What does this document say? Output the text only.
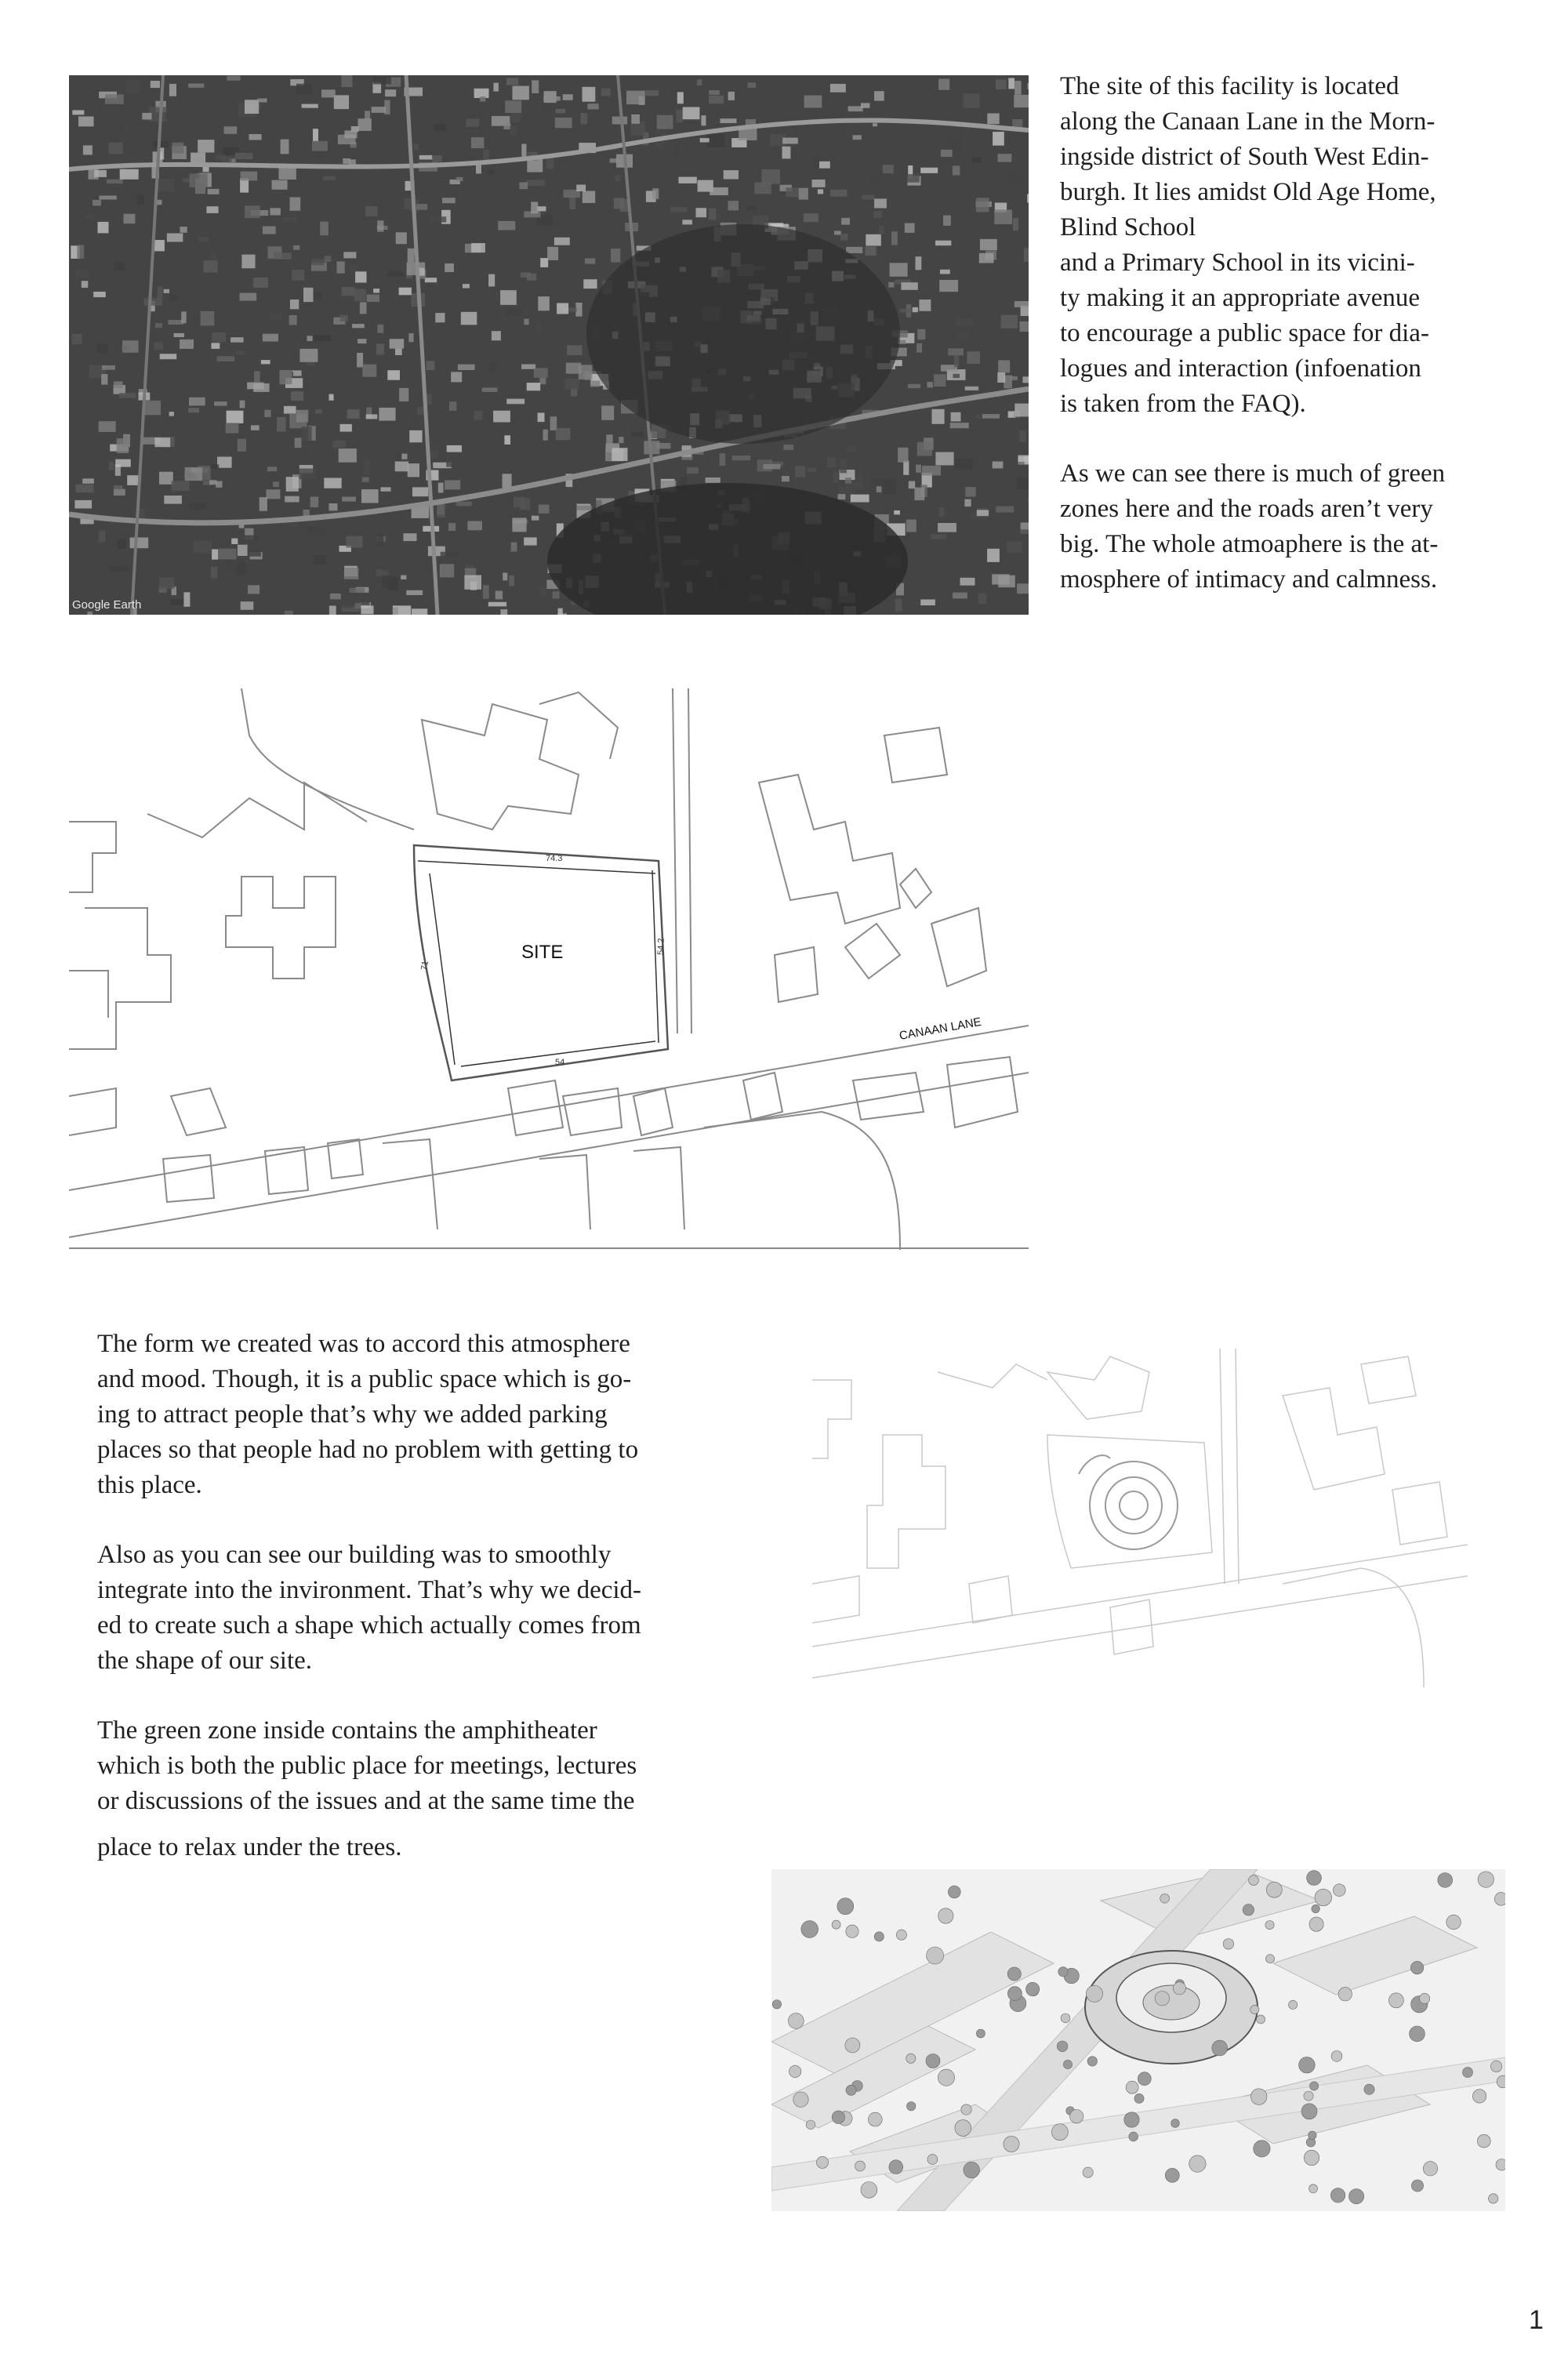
Google Earth
The site of this facility is located
along the Canaan Lane in the Morn-
ingside district of South West Edin-
burgh. It lies amidst Old Age Home,
Blind School
and a Primary School in its vicini-
ty making it an appropriate avenue
to encourage a public space for dia-
logues and interaction (infoenation
is taken from the FAQ).
As we can see there is much of green
zones here and the roads aren’t very
big. The whole atmoaphere is the at-
mosphere of intimacy and calmness.
74.3
71
54.2
54
SITE
CANAAN LANE
The form we created was to accord this atmosphere
and mood. Though, it is a public space which is go-
ing to attract people that’s why we added parking
places so that people had no problem with getting to
this place.
Also as you can see our building was to smoothly
integrate into the invironment. That’s why we decid-
ed to create such a shape which actually comes from
the shape of our site.
The green zone inside contains the amphitheater
which is both the public place for meetings, lectures
or discussions of the issues and at the same time the
place to relax under the trees.
1
